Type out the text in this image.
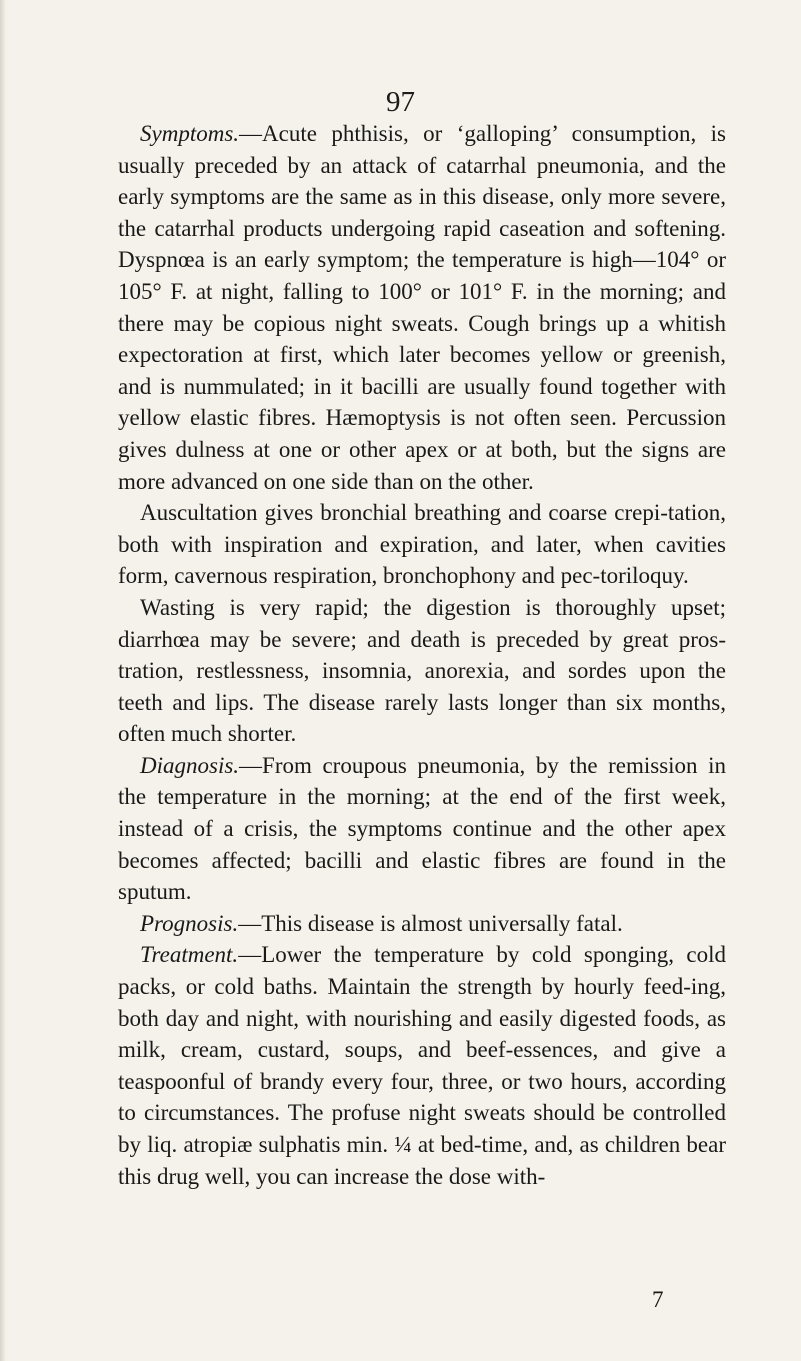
97

Symptoms.—Acute phthisis, or ‘galloping’ consumption, is usually preceded by an attack of catarrhal pneumonia, and the early symptoms are the same as in this disease, only more severe, the catarrhal products undergoing rapid caseation and softening. Dyspnœa is an early symptom; the temperature is high—104° or 105° F. at night, falling to 100° or 101° F. in the morning; and there may be copious night sweats. Cough brings up a whitish expectoration at first, which later becomes yellow or greenish, and is nummulated; in it bacilli are usually found together with yellow elastic fibres. Hæmoptysis is not often seen. Percussion gives dulness at one or other apex or at both, but the signs are more advanced on one side than on the other.

Auscultation gives bronchial breathing and coarse crepi-tation, both with inspiration and expiration, and later, when cavities form, cavernous respiration, bronchophony and pec-toriloquy.

Wasting is very rapid; the digestion is thoroughly upset; diarrhœa may be severe; and death is preceded by great pros-tration, restlessness, insomnia, anorexia, and sordes upon the teeth and lips. The disease rarely lasts longer than six months, often much shorter.

Diagnosis.—From croupous pneumonia, by the remission in the temperature in the morning; at the end of the first week, instead of a crisis, the symptoms continue and the other apex becomes affected; bacilli and elastic fibres are found in the sputum.

Prognosis.—This disease is almost universally fatal.

Treatment.—Lower the temperature by cold sponging, cold packs, or cold baths. Maintain the strength by hourly feed-ing, both day and night, with nourishing and easily digested foods, as milk, cream, custard, soups, and beef-essences, and give a teaspoonful of brandy every four, three, or two hours, according to circumstances. The profuse night sweats should be controlled by liq. atropiæ sulphatis min. ¼ at bed-time, and, as children bear this drug well, you can increase the dose with-

7
